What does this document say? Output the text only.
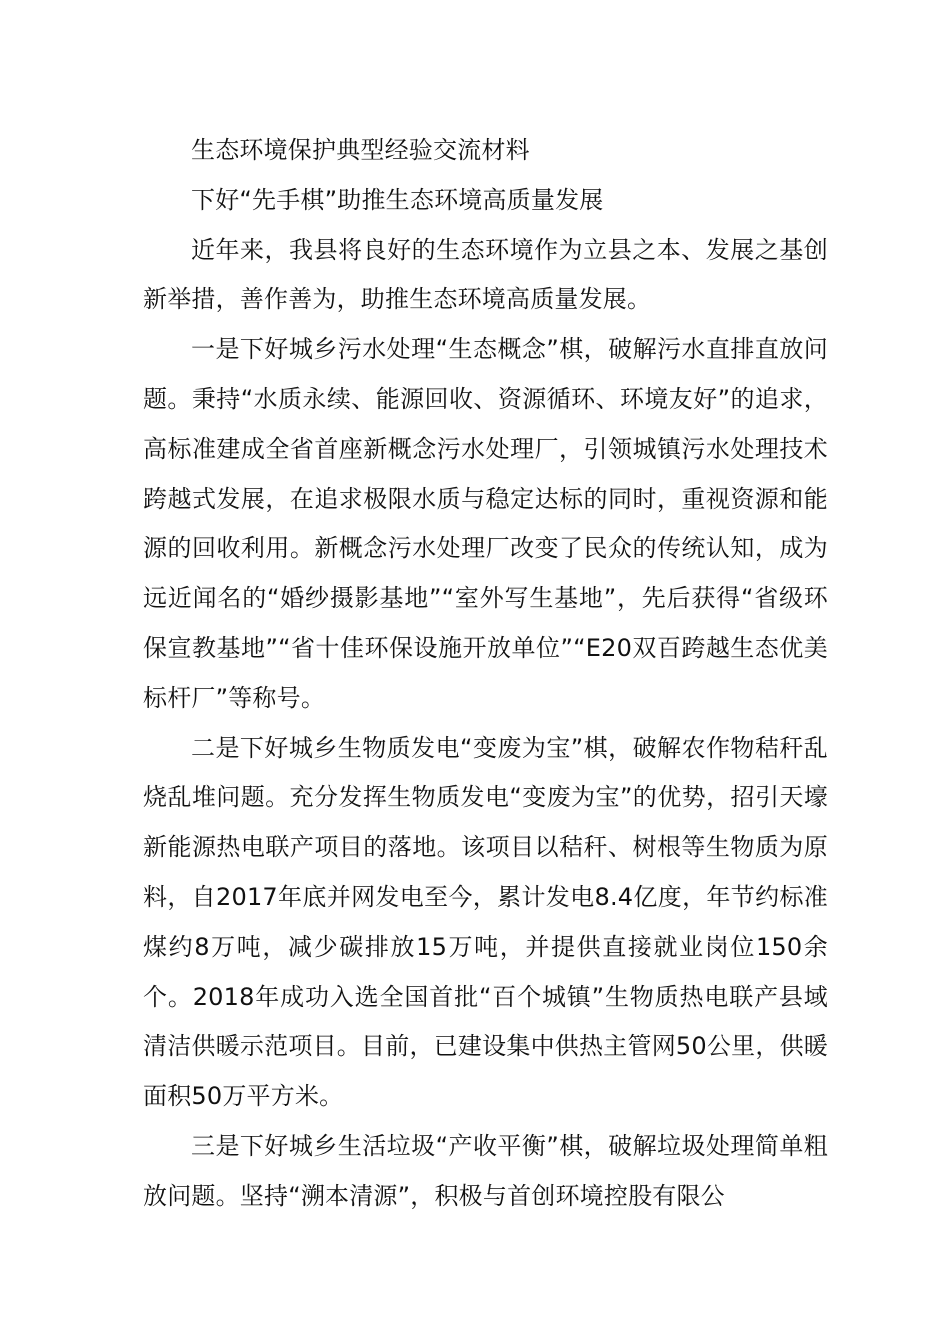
生态环境保护典型经验交流材料

下好“先手棋”助推生态环境高质量发展

近年来，我县将良好的生态环境作为立县之本、发展之基创新举措，善作善为，助推生态环境高质量发展。

一是下好城乡污水处理“生态概念”棋，破解污水直排直放问题。秉持“水质永续、能源回收、资源循环、环境友好”的追求，高标准建成全省首座新概念污水处理厂，引领城镇污水处理技术跨越式发展，在追求极限水质与稳定达标的同时，重视资源和能源的回收利用。新概念污水处理厂改变了民众的传统认知，成为远近闻名的“婚纱摄影基地”“室外写生基地”，先后获得“省级环保宣教基地”“省十佳环保设施开放单位”“E20双百跨越生态优美标杆厂”等称号。

二是下好城乡生物质发电“变废为宝”棋，破解农作物秸秆乱烧乱堆问题。充分发挥生物质发电“变废为宝”的优势，招引天壕新能源热电联产项目的落地。该项目以秸秆、树根等生物质为原料，自2017年底并网发电至今，累计发电8.4亿度，年节约标准煤约8万吨，减少碳排放15万吨，并提供直接就业岗位150余个。2018年成功入选全国首批“百个城镇”生物质热电联产县域清洁供暖示范项目。目前，已建设集中供热主管网50公里，供暖面积50万平方米。

三是下好城乡生活垃圾“产收平衡”棋，破解垃圾处理简单粗放问题。坚持“溯本清源”，积极与首创环境控股有限公
